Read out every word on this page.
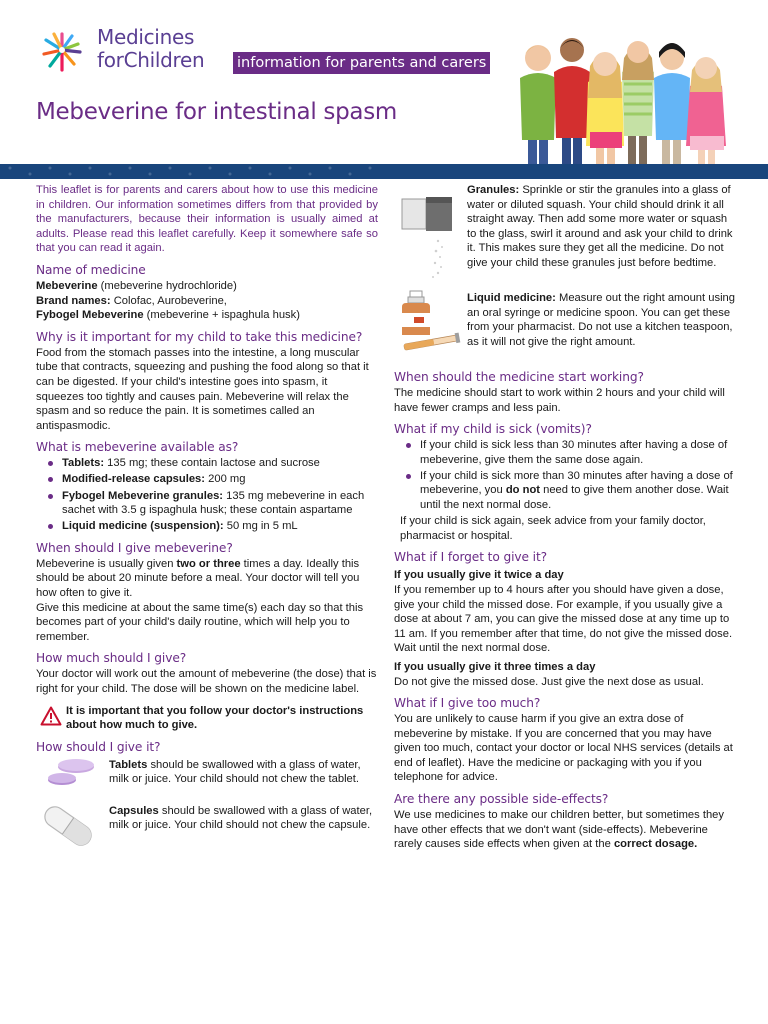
Medicines
forChildren information for parents and carers
Mebeverine for intestinal spasm

This leaflet is for parents and carers about how to use this medicine in children. Our information sometimes differs from that provided by the manufacturers, because their information is usually aimed at adults. Please read this leaflet carefully. Keep it somewhere safe so that you can read it again.

Name of medicine

Mebeverine (mebeverine hydrochloride)

Brand names: Colofac, Aurobeverine,

Fybogel Mebeverine (mebeverine + ispaghula husk)

Why is it important for my child to take this medicine?

Food from the stomach passes into the intestine, a long muscular tube that contracts, squeezing and pushing the food along so that it can be digested. If your child's intestine goes into spasm, it squeezes too tightly and causes pain. Mebeverine will relax the spasm and so reduce the pain. It is sometimes called an antispasmodic.

What is mebeverine available as?
Tablets: 135 mg; these contain lactose and sucrose
Modified-release capsules: 200 mg
Fybogel Mebeverine granules: 135 mg mebeverine in each sachet with 3.5 g ispaghula husk; these contain aspartame
Liquid medicine (suspension): 50 mg in 5 mL
When should I give mebeverine?

Mebeverine is usually given two or three times a day. Ideally this should be about 20 minute before a meal. Your doctor will tell you how often to give it.

Give this medicine at about the same time(s) each day so that this becomes part of your child's daily routine, which will help you to remember.

How much should I give?

Your doctor will work out the amount of mebeverine (the dose) that is right for your child. The dose will be shown on the medicine label.

It is important that you follow your doctor's instructions about how much to give.

How should I give it?

Tablets should be swallowed with a glass of water, milk or juice. Your child should not chew the tablet.

Capsules should be swallowed with a glass of water, milk or juice. Your child should not chew the capsule.

Granules: Sprinkle or stir the granules into a glass of water or diluted squash. Your child should drink it all straight away. Then add some more water or squash to the glass, swirl it around and ask your child to drink it. This makes sure they get all the medicine. Do not give your child these granules just before bedtime.

Liquid medicine: Measure out the right amount using an oral syringe or medicine spoon. You can get these from your pharmacist. Do not use a kitchen teaspoon, as it will not give the right amount.

When should the medicine start working?

The medicine should start to work within 2 hours and your child will have fewer cramps and less pain.

What if my child is sick (vomits)?
If your child is sick less than 30 minutes after having a dose of mebeverine, give them the same dose again.
If your child is sick more than 30 minutes after having a dose of mebeverine, you do not need to give them another dose. Wait until the next normal dose.

If your child is sick again, seek advice from your family doctor, pharmacist or hospital.

What if I forget to give it?

If you usually give it twice a day

If you remember up to 4 hours after you should have given a dose, give your child the missed dose. For example, if you usually give a dose at about 7 am, you can give the missed dose at any time up to 11 am. If you remember after that time, do not give the missed dose. Wait until the next normal dose.

If you usually give it three times a day

Do not give the missed dose. Just give the next dose as usual.

What if I give too much?

You are unlikely to cause harm if you give an extra dose of mebeverine by mistake. If you are concerned that you may have given too much, contact your doctor or local NHS services (details at end of leaflet). Have the medicine or packaging with you if you telephone for advice.

Are there any possible side-effects?

We use medicines to make our children better, but sometimes they have other effects that we don't want (side-effects). Mebeverine rarely causes side effects when given at the correct dosage.
